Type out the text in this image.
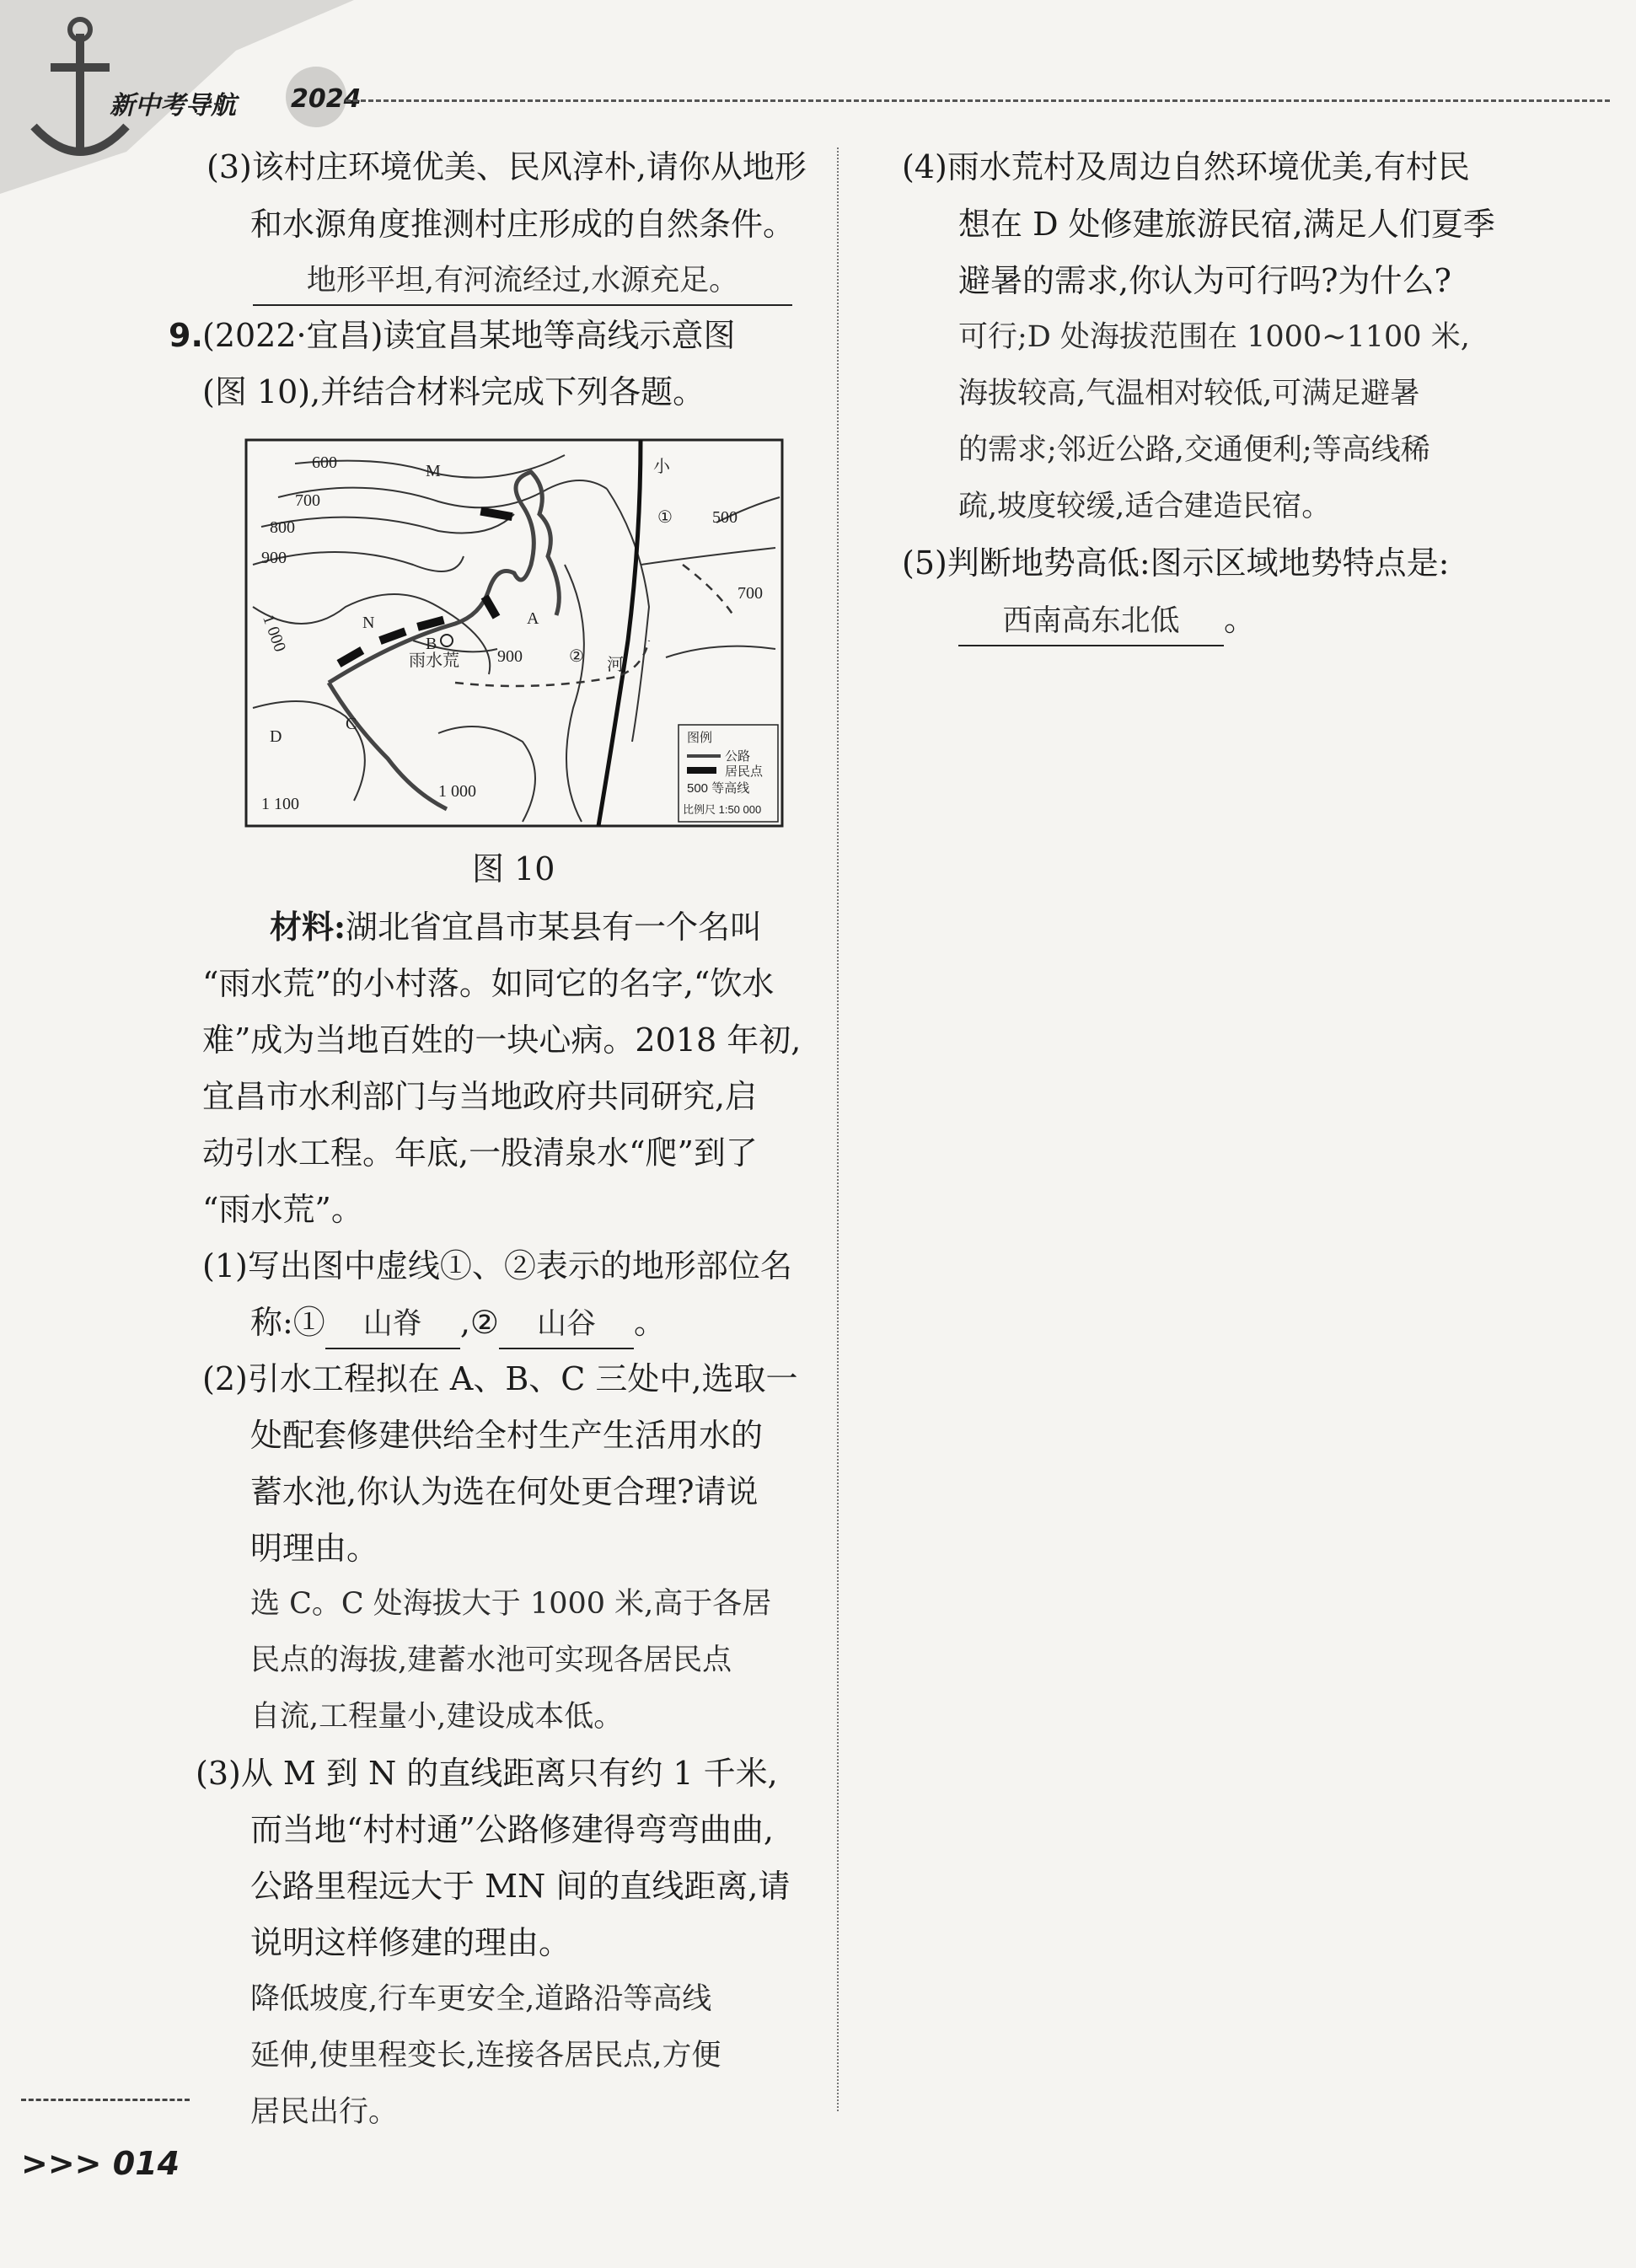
新中考导航 2024
(3)该村庄环境优美、民风淳朴,请你从地形
和水源角度推测村庄形成的自然条件。
地形平坦,有河流经过,水源充足。
9. (2022·宜昌)读宜昌某地等高线示意图
(图 10),并结合材料完成下列各题。
600
700
800
900
1 000
1 100
1 000
500
700
900
M
N
B
A
C
D
雨水荒
①
②
小
河
图例
公路
居民点
500 等高线
比例尺 1:50 000
图 10
材料:湖北省宜昌市某县有一个名叫
“雨水荒”的小村落。如同它的名字,“饮水
难”成为当地百姓的一块心病。2018 年初,
宜昌市水利部门与当地政府共同研究,启
动引水工程。年底,一股清泉水“爬”到了
“雨水荒”。
(1)写出图中虚线①、②表示的地形部位名
称:① 山脊 ,② 山谷 。
(2)引水工程拟在 A、B、C 三处中,选取一
处配套修建供给全村生产生活用水的
蓄水池,你认为选在何处更合理?请说
明理由。
选 C。C 处海拔大于 1000 米,高于各居
民点的海拔,建蓄水池可实现各居民点
自流,工程量小,建设成本低。
(3)从 M 到 N 的直线距离只有约 1 千米,
而当地“村村通”公路修建得弯弯曲曲,
公路里程远大于 MN 间的直线距离,请
说明这样修建的理由。
降低坡度,行车更安全,道路沿等高线
延伸,使里程变长,连接各居民点,方便
居民出行。
(4)雨水荒村及周边自然环境优美,有村民
想在 D 处修建旅游民宿,满足人们夏季
避暑的需求,你认为可行吗?为什么?
可行;D 处海拔范围在 1000~1100 米,
海拔较高,气温相对较低,可满足避暑
的需求;邻近公路,交通便利;等高线稀
疏,坡度较缓,适合建造民宿。
(5)判断地势高低:图示区域地势特点是:
西南高东北低 。
>>> 014
